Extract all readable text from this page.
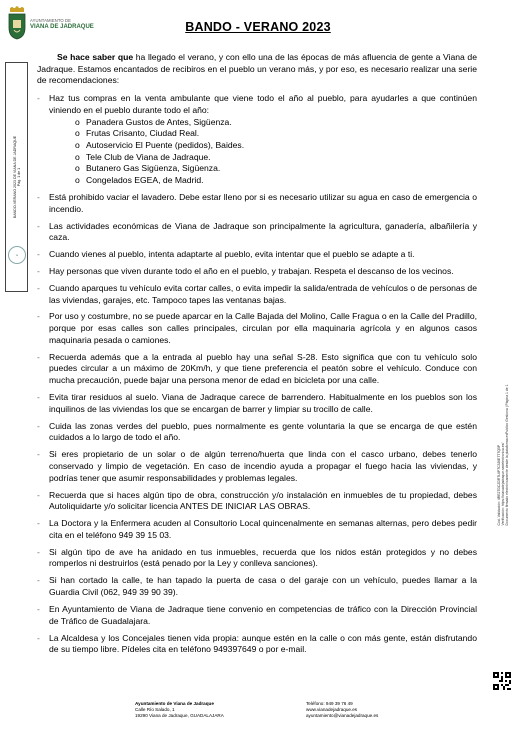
AYUNTAMIENTO DE
VIANA DE JADRAQUE	BANDO - VERANO 2023
BANDO-VERANO 2023 DE VIANA DE JADRAQUE Pág. 1 de 1
●

Se hace saber que ha llegado el verano, y con ello una de las épocas de más afluencia de gente a Viana de Jadraque. Estamos encantados de recibiros en el pueblo un verano más, y por eso, es necesario realizar una serie de recomendaciones:

- Haz tus compras en la venta ambulante que viene todo el año al pueblo, para ayudarles a que continúen viniendo en el pueblo durante todo el año:
o Panadera Gustos de Antes, Sigüenza.
o Frutas Crisanto, Ciudad Real.
o Autoservicio El Puente (pedidos), Baides.
o Tele Club de Viana de Jadraque.
o Butanero Gas Sigüenza, Sigüenza.
o Congelados EGEA, de Madrid.
- Está prohibido vaciar el lavadero. Debe estar lleno por si es necesario utilizar su agua en caso de emergencia o incendio.
- Las actividades económicas de Viana de Jadraque son principalmente la agricultura, ganadería, albañilería y caza.
- Cuando vienes al pueblo, intenta adaptarte al pueblo, evita intentar que el pueblo se adapte a ti.
- Hay personas que viven durante todo el año en el pueblo, y trabajan. Respeta el descanso de los vecinos.
- Cuando aparques tu vehículo evita cortar calles, o evita impedir la salida/entrada de vehículos o de personas de las viviendas, garajes, etc. Tampoco tapes las ventanas bajas.
- Por uso y costumbre, no se puede aparcar en la Calle Bajada del Molino, Calle Fragua o en la Calle del Pradillo, porque por esas calles son calles principales, circulan por ella maquinaria agrícola y en algunos casos maquinaria pesada o camiones.
- Recuerda además que a la entrada al pueblo hay una señal S-28. Esto significa que con tu vehículo solo puedes circular a un máximo de 20Km/h, y que tiene preferencia el peatón sobre el vehículo. Conduce con mucha precaución, puede bajar una persona menor de edad en bicicleta por una calle.
- Evita tirar residuos al suelo. Viana de Jadraque carece de barrendero. Habitualmente en los pueblos son los inquilinos de las viviendas los que se encargan de barrer y limpiar su trocillo de calle.
- Cuida las zonas verdes del pueblo, pues normalmente es gente voluntaria la que se encarga de que estén cuidados a lo largo de todo el año.
- Si eres propietario de un solar o de algún terreno/huerta que linda con el casco urbano, debes tenerlo conservado y limpio de vegetación. En caso de incendio ayuda a propagar el fuego hacia las viviendas, y podrías tener que asumir responsabilidades y problemas legales.
- Recuerda que si haces algún tipo de obra, construcción y/o instalación en inmuebles de tu propiedad, debes Autoliquidarte y/o solicitar licencia ANTES DE INICIAR LAS OBRAS.
- La Doctora y la Enfermera acuden al Consultorio Local quincenalmente en semanas alternas, pero debes pedir cita en el teléfono 949 39 15 03.
- Si algún tipo de ave ha anidado en tus inmuebles, recuerda que los nidos están protegidos y no debes romperlos ni destruirlos (está penado por la Ley y conlleva sanciones).
- Si han cortado la calle, te han tapado la puerta de casa o del garaje con un vehículo, puedes llamar a la Guardia Civil (062, 949 39 90 39).
- En Ayuntamiento de Viana de Jadraque tiene convenio en competencias de tráfico con la Dirección Provincial de Tráfico de Guadalajara.
- La Alcaldesa y los Concejales tienen vida propia: aunque estén en la calle o con más gente, están disfrutando de su tiempo libre. Pídeles cita en teléfono 949397649 o por e-mail.
Cód. Validación: 4RE2TDCZDR7L6P7C5J6ETT7Q5P Verificación: https://vianadejadraque.sedelectronica.es/ Documento firmado electrónicamente desde la plataforma esPublico Gestiona | Página 1 de 1
Ayuntamiento de Viana de Jadraque
Calle Río Salado, 1
19290 Viana de Jadraque, GUADALAJARA
Teléfono: 949 39 76 49
www.vianadejadraque.es
ayuntamiento@vianadejadraque.es
